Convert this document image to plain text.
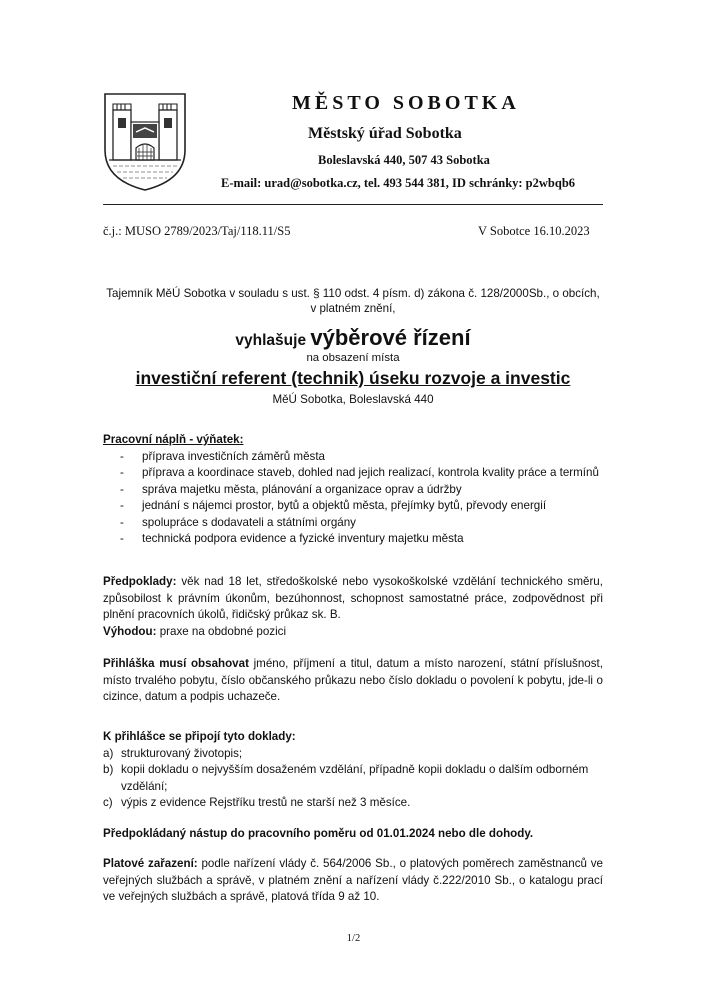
MĚSTO SOBOTKA
Městský úřad Sobotka
Boleslavská 440, 507 43 Sobotka
E-mail: urad@sobotka.cz, tel. 493 544 381, ID schránky: p2wbqb6
č.j.: MUSO 2789/2023/Taj/118.11/S5	V Sobotce 16.10.2023
Tajemník MěÚ Sobotka v souladu s ust. § 110 odst. 4 písm. d) zákona č. 128/2000Sb., o obcích, v platném znění,
vyhlašuje výběrové řízení
na obsazení místa
investiční referent (technik) úseku rozvoje a investic
MěÚ Sobotka, Boleslavská 440
Pracovní náplň - výňatek:
- příprava investičních záměrů města
- příprava a koordinace staveb, dohled nad jejich realizací, kontrola kvality práce a termínů
- správa majetku města, plánování a organizace oprav a údržby
- jednání s nájemci prostor, bytů a objektů města, přejímky bytů, převody energií
- spolupráce s dodavateli a státními orgány
- technická podpora evidence a fyzické inventury majetku města
Předpoklady: věk nad 18 let, středoškolské nebo vysokoškolské vzdělání technického směru, způsobilost k právním úkonům, bezúhonnost, schopnost samostatné práce, zodpovědnost při plnění pracovních úkolů, řidičský průkaz sk. B.
Výhodou: praxe na obdobné pozici
Přihláška musí obsahovat jméno, příjmení a titul, datum a místo narození, státní příslušnost, místo trvalého pobytu, číslo občanského průkazu nebo číslo dokladu o povolení k pobytu, jde-li o cizince, datum a podpis uchazeče.
K přihlášce se připojí tyto doklady:
a) strukturovaný životopis;
b) kopii dokladu o nejvyšším dosaženém vzdělání, případně kopii dokladu o dalším odborném vzdělání;
c) výpis z evidence Rejstříku trestů ne starší než 3 měsíce.
Předpokládaný nástup do pracovního poměru od 01.01.2024 nebo dle dohody.
Platové zařazení: podle nařízení vlády č. 564/2006 Sb., o platových poměrech zaměstnanců ve veřejných službách a správě, v platném znění a nařízení vlády č.222/2010 Sb., o katalogu prací ve veřejných službách a správě, platová třída 9 až 10.
1/2
